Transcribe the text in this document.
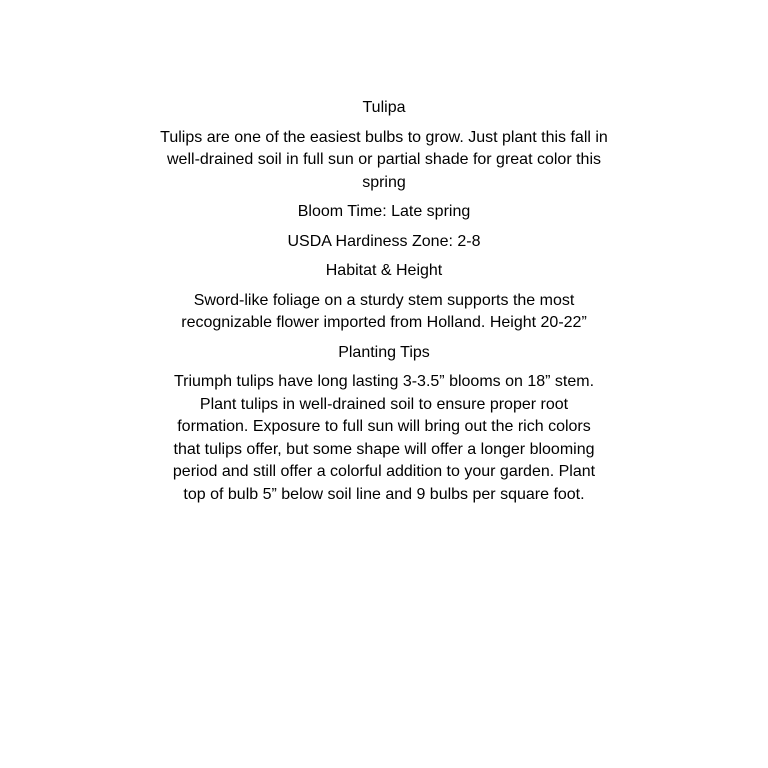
Tulipa

Tulips are one of the easiest bulbs to grow. Just plant this fall in
well-drained soil in full sun or partial shade for great color this
spring

Bloom Time: Late spring

USDA Hardiness Zone: 2-8

Habitat & Height

Sword-like foliage on a sturdy stem supports the most
recognizable flower imported from Holland. Height 20-22”

Planting Tips

Triumph tulips have long lasting 3-3.5” blooms on 18” stem.
Plant tulips in well-drained soil to ensure proper root
formation. Exposure to full sun will bring out the rich colors
that tulips offer, but some shape will offer a longer blooming
period and still offer a colorful addition to your garden. Plant
top of bulb 5” below soil line and 9 bulbs per square foot.
